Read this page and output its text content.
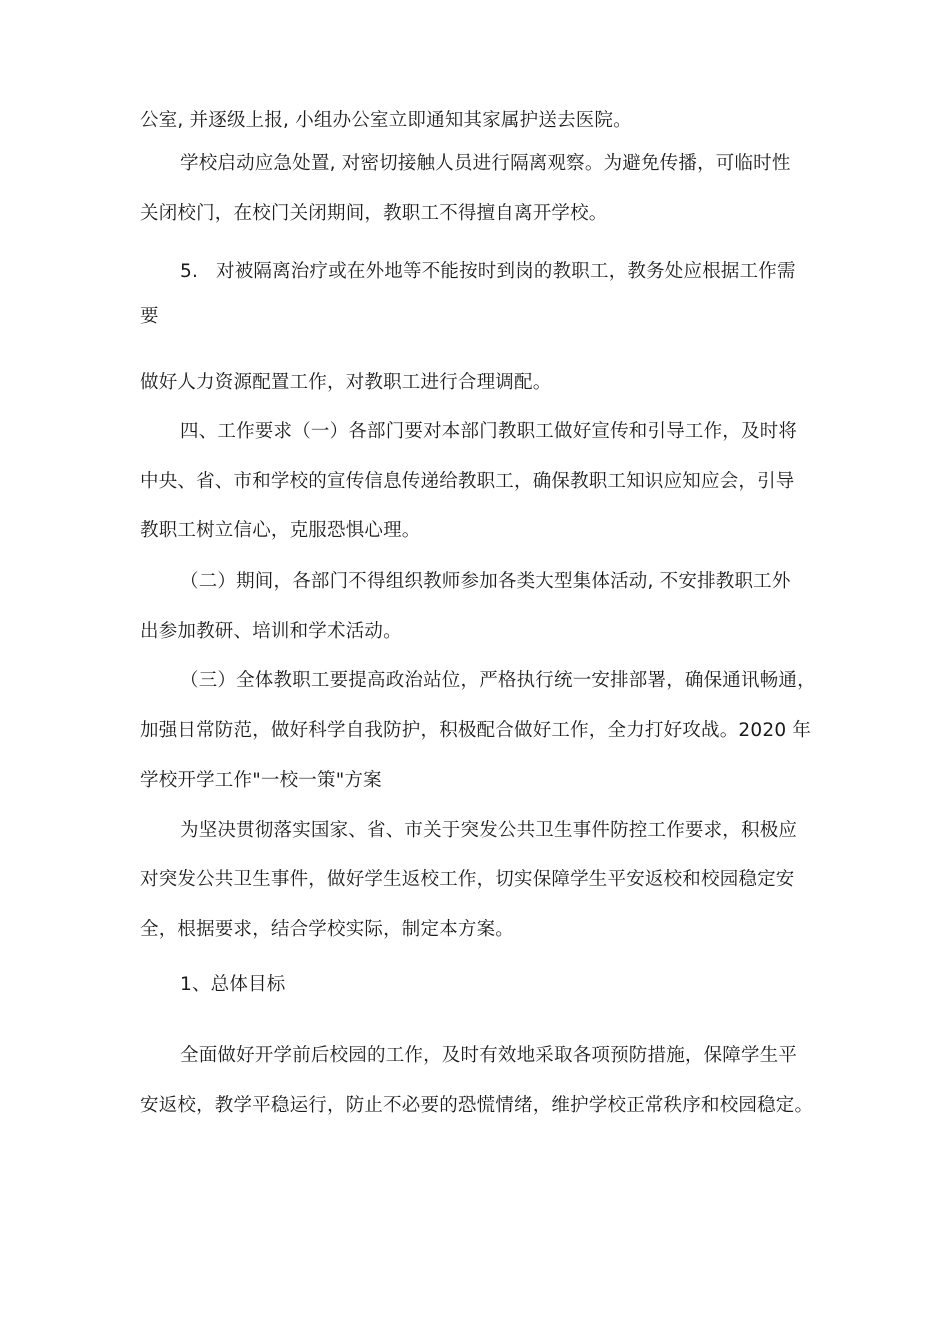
公室, 并逐级上报, 小组办公室立即通知其家属护送去医院。
学校启动应急处置, 对密切接触人员进行隔离观察。为避免传播，可临时性
关闭校门，在校门关闭期间，教职工不得擅自离开学校。
5. 对被隔离治疗或在外地等不能按时到岗的教职工，教务处应根据工作需
要
做好人力资源配置工作，对教职工进行合理调配。
四、工作要求（一）各部门要对本部门教职工做好宣传和引导工作，及时将
中央、省、市和学校的宣传信息传递给教职工，确保教职工知识应知应会，引导
教职工树立信心，克服恐惧心理。
（二）期间，各部门不得组织教师参加各类大型集体活动, 不安排教职工外
出参加教研、培训和学术活动。
（三）全体教职工要提高政治站位，严格执行统一安排部署，确保通讯畅通，
加强日常防范，做好科学自我防护，积极配合做好工作，全力打好攻战。2020 年
学校开学工作"一校一策"方案
为坚决贯彻落实国家、省、市关于突发公共卫生事件防控工作要求，积极应
对突发公共卫生事件，做好学生返校工作，切实保障学生平安返校和校园稳定安
全，根据要求，结合学校实际，制定本方案。
1、总体目标
全面做好开学前后校园的工作，及时有效地采取各项预防措施，保障学生平
安返校，教学平稳运行，防止不必要的恐慌情绪，维护学校正常秩序和校园稳定。
